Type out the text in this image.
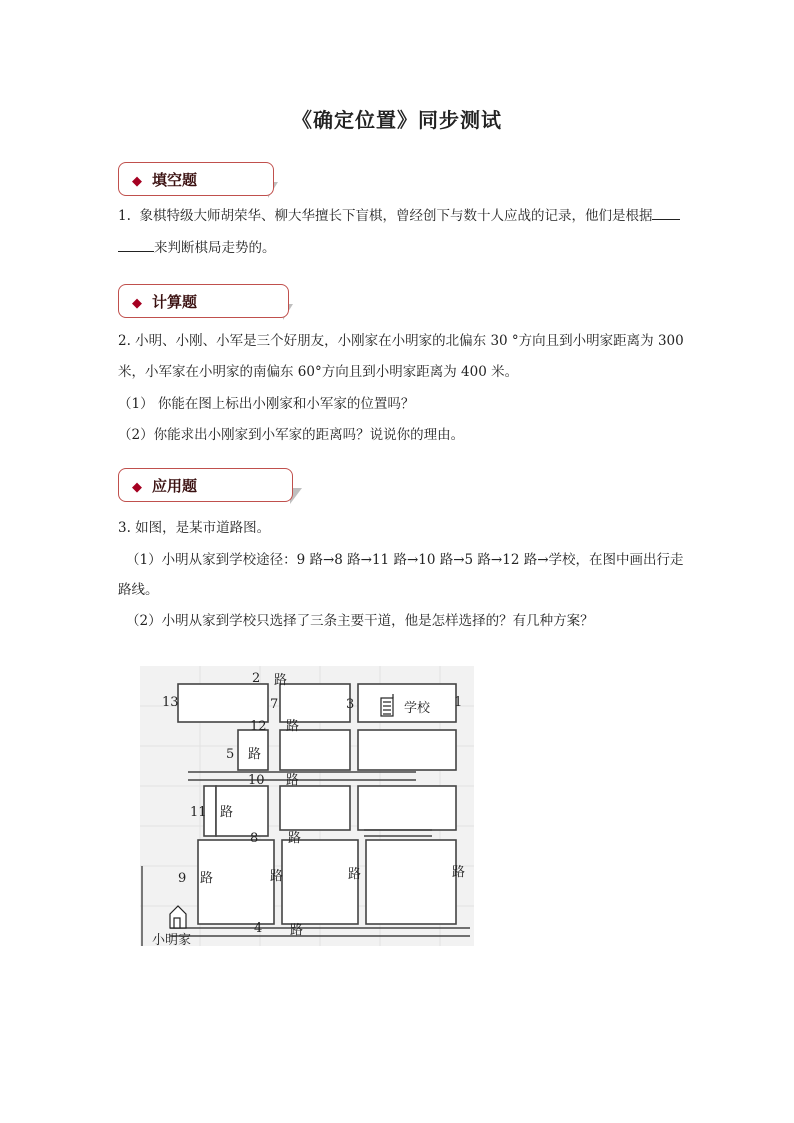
《确定位置》同步测试
◆ 填空题
1. 象棋特级大师胡荣华、柳大华擅长下盲棋，曾经创下与数十人应战的记录，他们是根据
来判断棋局走势的。
◆ 计算题
2. 小明、小刚、小军是三个好朋友，小刚家在小明家的北偏东 30 °方向且到小明家距离为 300
米，小军家在小明家的南偏东 60°方向且到小明家距离为 400 米。
（1） 你能在图上标出小刚家和小军家的位置吗？
（2）你能求出小刚家到小军家的距离吗？说说你的理由。
◆ 应用题
3. 如图，是某市道路图。
（1）小明从家到学校途径：9 路→8 路→11 路→10 路→5 路→12 路→学校，在图中画出行走
路线。
（2）小明从家到学校只选择了三条主要干道，他是怎样选择的？有几种方案？
2 路
13	7	3	学校 1
12 路
5 路
10 路
11 路
8 路
9 路	路	路	路
4 路
小明家
